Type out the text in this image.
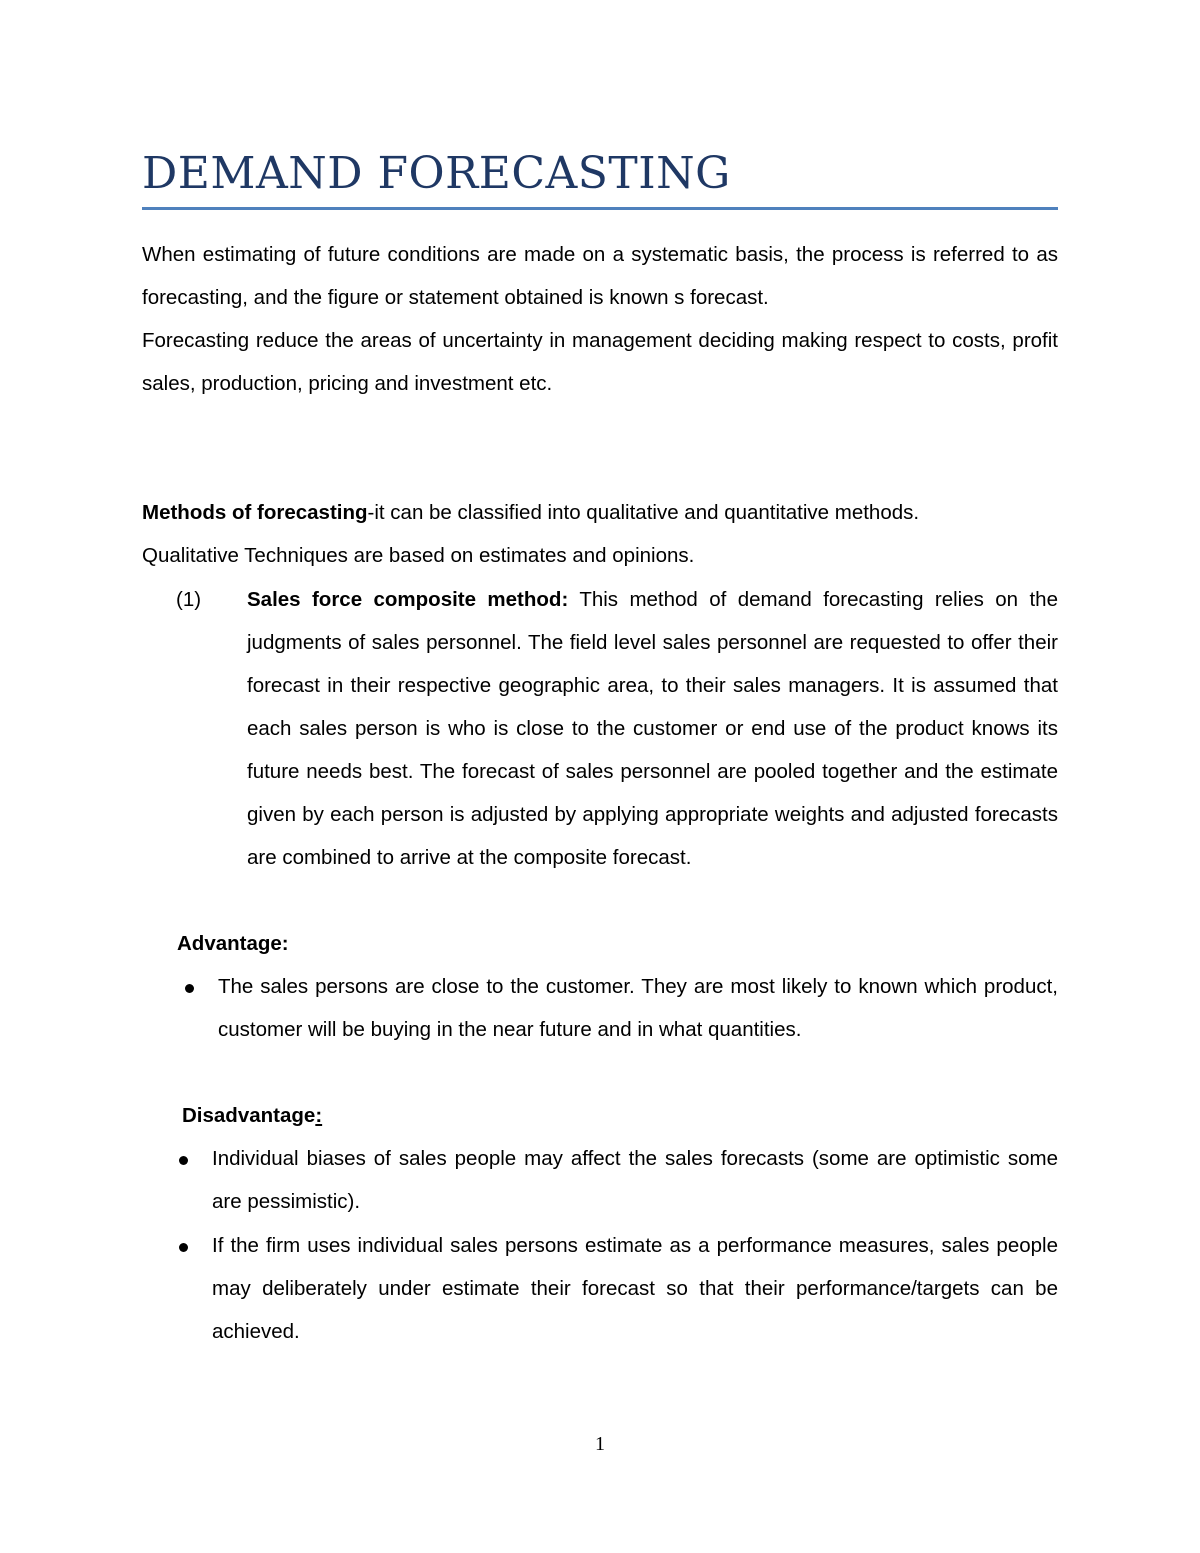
DEMAND FORECASTING
When estimating of future conditions are made on a systematic basis, the process is referred to as forecasting, and the figure or statement obtained is known s forecast.
Forecasting reduce the areas of uncertainty in management deciding making respect to costs, profit sales, production, pricing and investment etc.
Methods of forecasting-it can be classified into qualitative and quantitative methods.
Qualitative Techniques are based on estimates and opinions.
(1) Sales force composite method: This method of demand forecasting relies on the judgments of sales personnel. The field level sales personnel are requested to offer their forecast in their respective geographic area, to their sales managers. It is assumed that each sales person is who is close to the customer or end use of the product knows its future needs best. The forecast of sales personnel are pooled together and the estimate given by each person is adjusted by applying appropriate weights and adjusted forecasts are combined to arrive at the composite forecast.
Advantage:
The sales persons are close to the customer. They are most likely to known which product, customer will be buying in the near future and in what quantities.
Disadvantage:
Individual biases of sales people may affect the sales forecasts (some are optimistic some are pessimistic).
If the firm uses individual sales persons estimate as a performance measures, sales people may deliberately under estimate their forecast so that their performance/targets can be achieved.
1
